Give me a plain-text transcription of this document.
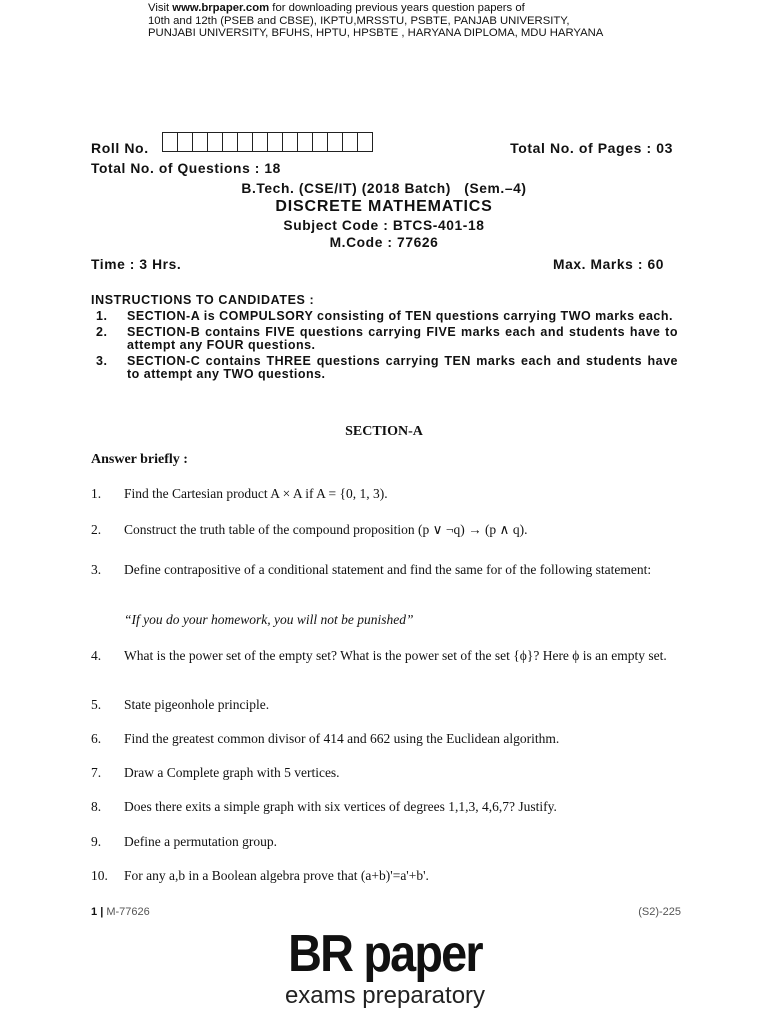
Visit www.brpaper.com for downloading previous years question papers of
10th and 12th (PSEB and CBSE), IKPTU,MRSSTU, PSBTE, PANJAB UNIVERSITY,
PUNJABI UNIVERSITY, BFUHS, HPTU, HPSBTE , HARYANA DIPLOMA, MDU HARYANA
Roll No.	Total No. of Pages : 03
Total No. of Questions : 18
B.Tech. (CSE/IT) (2018 Batch)   (Sem.–4)
DISCRETE MATHEMATICS
Subject Code : BTCS-401-18
M.Code : 77626
Time : 3 Hrs.	Max. Marks : 60
INSTRUCTIONS TO CANDIDATES :
1. SECTION-A is COMPULSORY consisting of TEN questions carrying TWO marks each.
2. SECTION-B contains FIVE questions carrying FIVE marks each and students have to attempt any FOUR questions.
3. SECTION-C contains THREE questions carrying TEN marks each and students have to attempt any TWO questions.
SECTION-A
Answer briefly :
1. Find the Cartesian product A × A if A = {0, 1, 3).
2. Construct the truth table of the compound proposition (p ∨ ¬q) → (p ∧ q).
3. Define contrapositive of a conditional statement and find the same for of the following statement:
“If you do your homework, you will not be punished”
4. What is the power set of the empty set? What is the power set of the set {ϕ}? Here ϕ is an empty set.
5. State pigeonhole principle.
6. Find the greatest common divisor of 414 and 662 using the Euclidean algorithm.
7. Draw a Complete graph with 5 vertices.
8. Does there exits a simple graph with six vertices of degrees 1,1,3, 4,6,7? Justify.
9. Define a permutation group.
10. For any a,b in a Boolean algebra prove that (a+b)'=a'+b'.
1 | M-77626	(S2)-225
BR paper
exams preparatory
